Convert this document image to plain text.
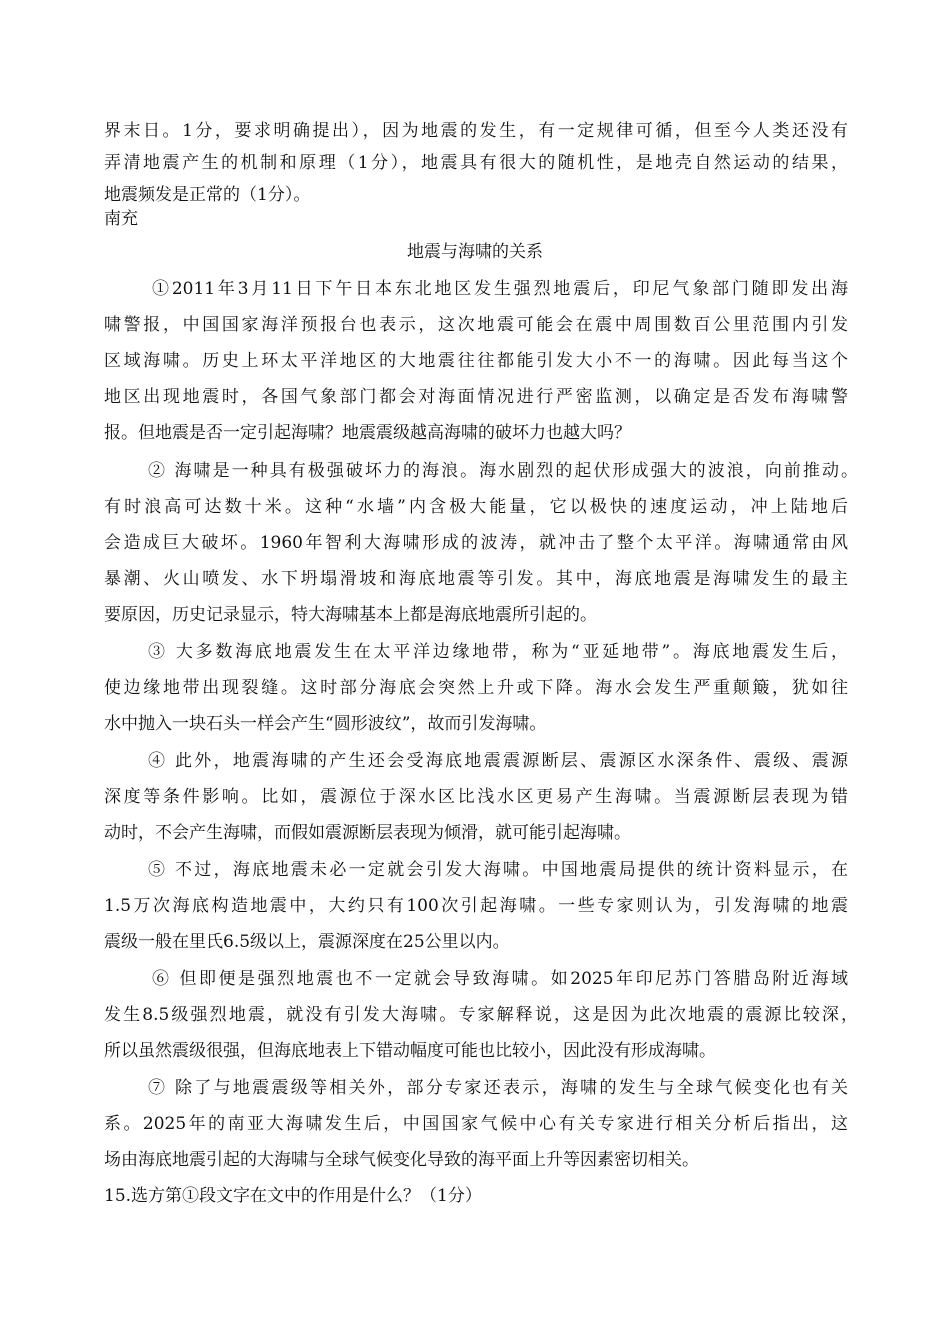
界末日。1分，要求明确提出），因为地震的发生，有一定规律可循，但至今人类还没有
弄清地震产生的机制和原理（1分），地震具有很大的随机性，是地壳自然运动的结果，
地震频发是正常的（1分）。
南充
地震与海啸的关系
①2011年3月11日下午日本东北地区发生强烈地震后，印尼气象部门随即发出海
啸警报，中国国家海洋预报台也表示，这次地震可能会在震中周围数百公里范围内引发
区域海啸。历史上环太平洋地区的大地震往往都能引发大小不一的海啸。因此每当这个
地区出现地震时，各国气象部门都会对海面情况进行严密监测，以确定是否发布海啸警
报。但地震是否一定引起海啸？地震震级越高海啸的破坏力也越大吗？
② 海啸是一种具有极强破坏力的海浪。海水剧烈的起伏形成强大的波浪，向前推动。
有时浪高可达数十米。这种“水墙”内含极大能量，它以极快的速度运动，冲上陆地后
会造成巨大破坏。1960年智利大海啸形成的波涛，就冲击了整个太平洋。海啸通常由风
暴潮、火山喷发、水下坍塌滑坡和海底地震等引发。其中，海底地震是海啸发生的最主
要原因，历史记录显示，特大海啸基本上都是海底地震所引起的。
③ 大多数海底地震发生在太平洋边缘地带，称为“亚延地带”。海底地震发生后，
使边缘地带出现裂缝。这时部分海底会突然上升或下降。海水会发生严重颠簸，犹如往
水中抛入一块石头一样会产生“圆形波纹”，故而引发海啸。
④ 此外，地震海啸的产生还会受海底地震震源断层、震源区水深条件、震级、震源
深度等条件影响。比如，震源位于深水区比浅水区更易产生海啸。当震源断层表现为错
动时，不会产生海啸，而假如震源断层表现为倾滑，就可能引起海啸。
⑤ 不过，海底地震未必一定就会引发大海啸。中国地震局提供的统计资料显示，在
1.5万次海底构造地震中，大约只有100次引起海啸。一些专家则认为，引发海啸的地震
震级一般在里氏6.5级以上，震源深度在25公里以内。
⑥ 但即便是强烈地震也不一定就会导致海啸。如2025年印尼苏门答腊岛附近海域
发生8.5级强烈地震，就没有引发大海啸。专家解释说，这是因为此次地震的震源比较深，
所以虽然震级很强，但海底地表上下错动幅度可能也比较小，因此没有形成海啸。
⑦ 除了与地震震级等相关外，部分专家还表示，海啸的发生与全球气候变化也有关
系。2025年的南亚大海啸发生后，中国国家气候中心有关专家进行相关分析后指出，这
场由海底地震引起的大海啸与全球气候变化导致的海平面上升等因素密切相关。
15.选方第①段文字在文中的作用是什么？（1分）
